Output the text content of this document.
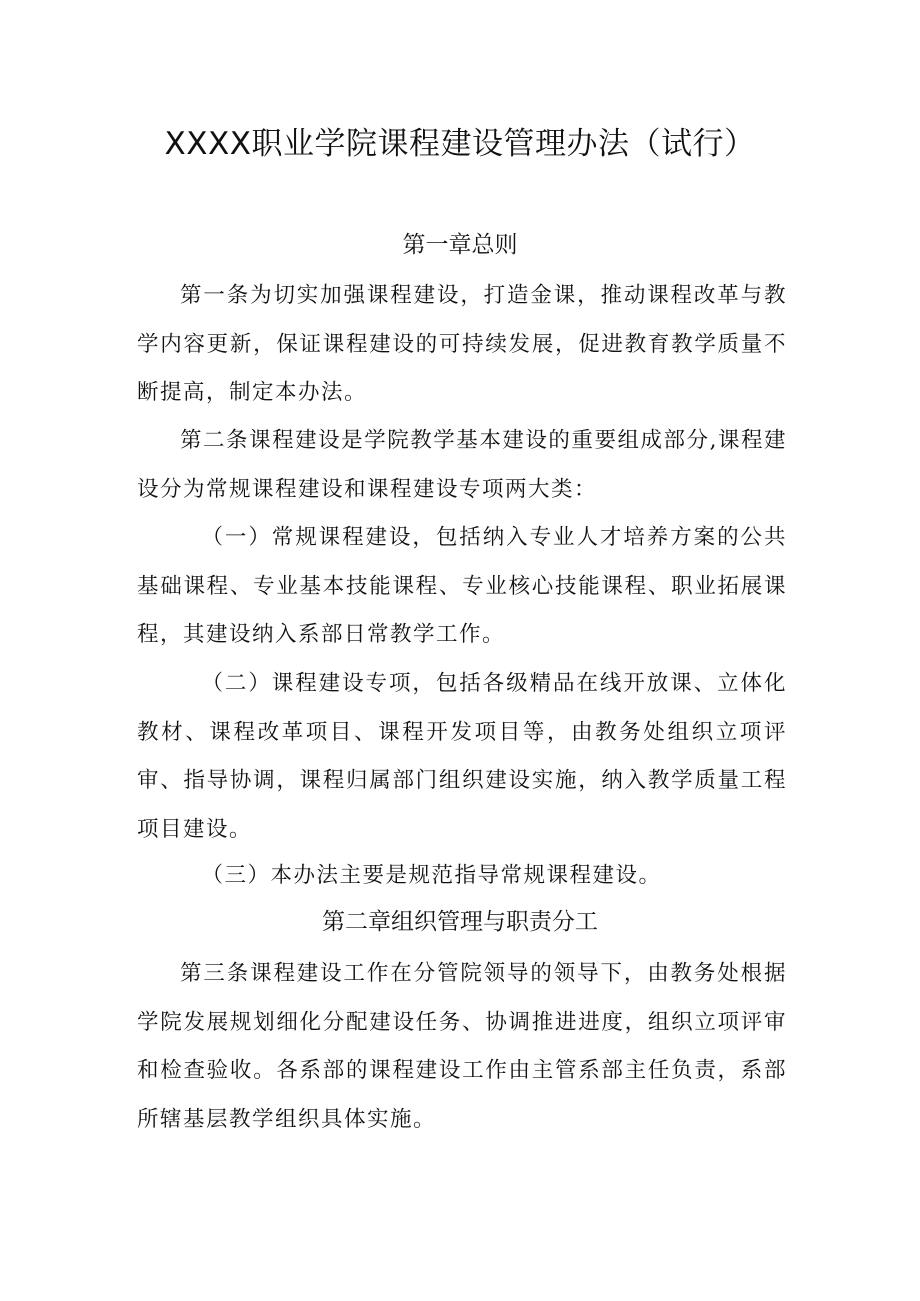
XXXX职业学院课程建设管理办法（试行）
第一章总则

第一条为切实加强课程建设，打造金课，推动课程改革与教学内容更新，保证课程建设的可持续发展，促进教育教学质量不断提高，制定本办法。

第二条课程建设是学院教学基本建设的重要组成部分,课程建设分为常规课程建设和课程建设专项两大类：

（一）常规课程建设，包括纳入专业人才培养方案的公共基础课程、专业基本技能课程、专业核心技能课程、职业拓展课程，其建设纳入系部日常教学工作。

（二）课程建设专项，包括各级精品在线开放课、立体化教材、课程改革项目、课程开发项目等，由教务处组织立项评审、指导协调，课程归属部门组织建设实施，纳入教学质量工程项目建设。

（三）本办法主要是规范指导常规课程建设。

第二章组织管理与职责分工

第三条课程建设工作在分管院领导的领导下，由教务处根据学院发展规划细化分配建设任务、协调推进进度，组织立项评审和检查验收。各系部的课程建设工作由主管系部主任负责，系部所辖基层教学组织具体实施。
